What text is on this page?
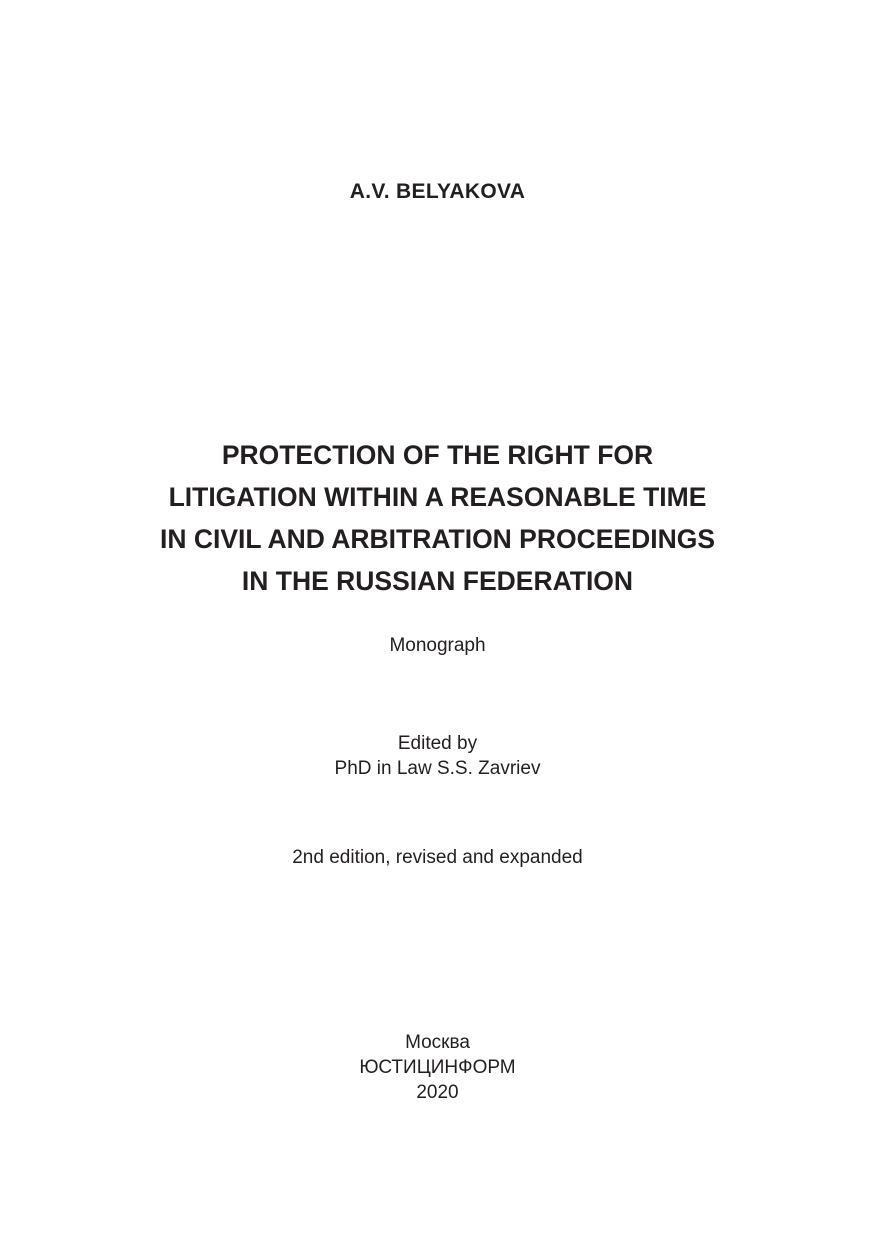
A.V. BELYAKOVA
PROTECTION OF THE RIGHT FOR
LITIGATION WITHIN A REASONABLE TIME
IN CIVIL AND ARBITRATION PROCEEDINGS
IN THE RUSSIAN FEDERATION
Monograph
Edited by
PhD in Law S.S. Zavriev
2nd edition, revised and expanded
Москва
ЮСТИЦИНФОРМ
2020
